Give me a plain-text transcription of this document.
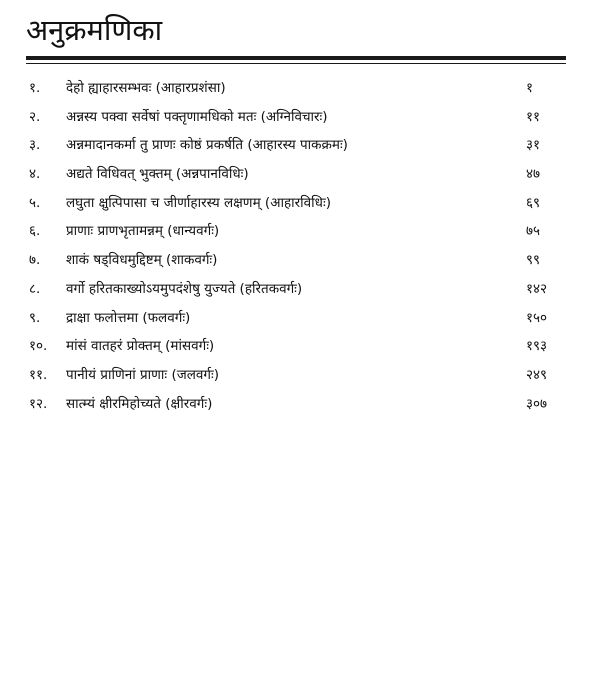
अनुक्रमणिका
१. देहो ह्याहारसम्भवः (आहारप्रशंसा)	१
२. अन्नस्य पक्वा सर्वेषां पक्तृणामधिको मतः (अग्निविचारः)	११
३. अन्नमादानकर्मा तु प्राणः कोष्ठं प्रकर्षति (आहारस्य पाकक्रमः)	३१
४. अद्यते विधिवत् भुक्तम् (अन्नपानविधिः)	४७
५. लघुता क्षुत्पिपासा च जीर्णाहारस्य लक्षणम् (आहारविधिः)	६९
६. प्राणाः प्राणभृतामन्नम् (धान्यवर्गः)	७५
७. शाकं षड्विधमुद्दिष्टम् (शाकवर्गः)	९९
८. वर्गो हरितकाख्योऽयमुपदंशेषु युज्यते (हरितकवर्गः)	१४२
९. द्राक्षा फलोत्तमा (फलवर्गः)	१५०
१०. मांसं वातहरं प्रोक्तम् (मांसवर्गः)	१९३
११. पानीयं प्राणिनां प्राणाः (जलवर्गः)	२४९
१२. सात्म्यं क्षीरमिहोच्यते (क्षीरवर्गः)	३०७
